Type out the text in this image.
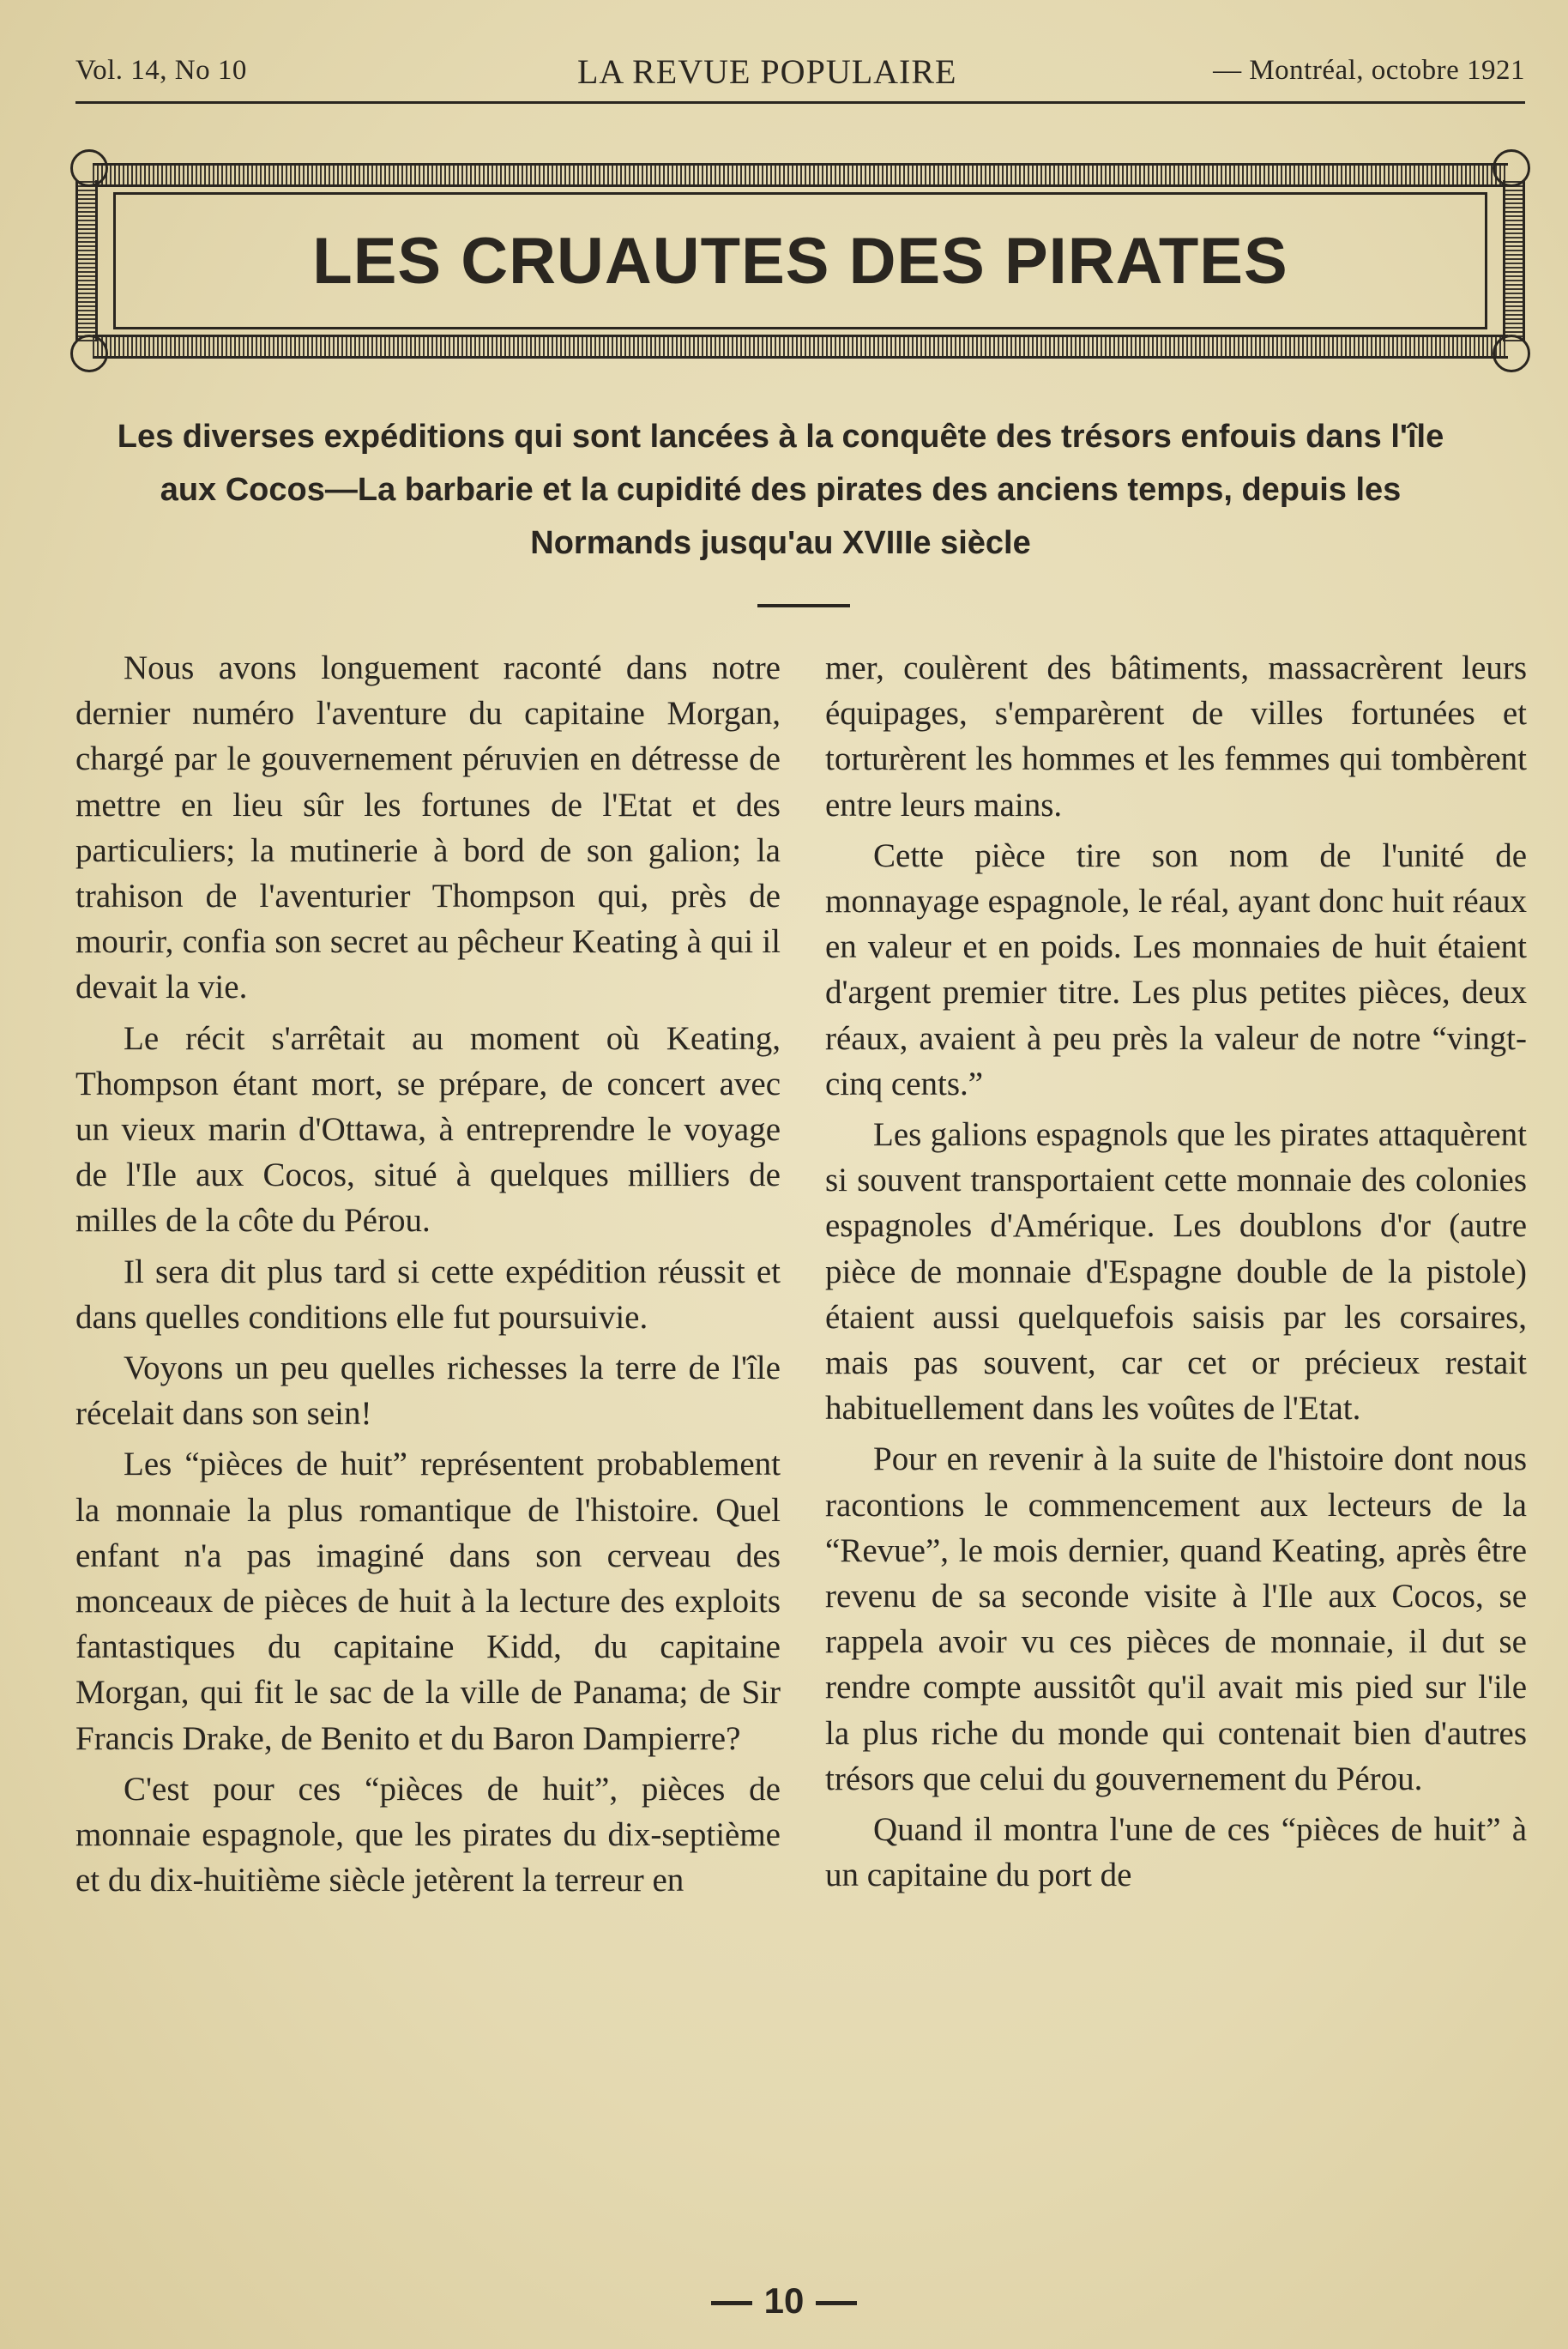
Vol. 14, No 10	LA REVUE POPULAIRE	— Montréal, octobre 1921
LES CRUAUTES DES PIRATES
Les diverses expéditions qui sont lancées à la conquête des trésors enfouis dans l'île aux Cocos—La barbarie et la cupidité des pirates des anciens temps, depuis les Normands jusqu'au XVIIIe siècle

Nous avons longuement raconté dans notre dernier numéro l'aventure du capitaine Morgan, chargé par le gouvernement péruvien en détresse de mettre en lieu sûr les fortunes de l'Etat et des particuliers; la mutinerie à bord de son galion; la trahison de l'aventurier Thompson qui, près de mourir, confia son secret au pêcheur Keating à qui il devait la vie.

Le récit s'arrêtait au moment où Keating, Thompson étant mort, se prépare, de concert avec un vieux marin d'Ottawa, à entreprendre le voyage de l'Ile aux Cocos, situé à quelques milliers de milles de la côte du Pérou.

Il sera dit plus tard si cette expédition réussit et dans quelles conditions elle fut poursuivie.

Voyons un peu quelles richesses la terre de l'île récelait dans son sein!

Les “pièces de huit” représentent probablement la monnaie la plus romantique de l'histoire. Quel enfant n'a pas imaginé dans son cerveau des monceaux de pièces de huit à la lecture des exploits fantastiques du capitaine Kidd, du capitaine Morgan, qui fit le sac de la ville de Panama; de Sir Francis Drake, de Benito et du Baron Dampierre?

C'est pour ces “pièces de huit”, pièces de monnaie espagnole, que les pirates du dix-septième et du dix-huitième siècle jetèrent la terreur en

mer, coulèrent des bâtiments, massacrèrent leurs équipages, s'emparèrent de villes fortunées et torturèrent les hommes et les femmes qui tombèrent entre leurs mains.

Cette pièce tire son nom de l'unité de monnayage espagnole, le réal, ayant donc huit réaux en valeur et en poids. Les monnaies de huit étaient d'argent premier titre. Les plus petites pièces, deux réaux, avaient à peu près la valeur de notre “vingt-cinq cents.”

Les galions espagnols que les pirates attaquèrent si souvent transportaient cette monnaie des colonies espagnoles d'Amérique. Les doublons d'or (autre pièce de monnaie d'Espagne double de la pistole) étaient aussi quelquefois saisis par les corsaires, mais pas souvent, car cet or précieux restait habituellement dans les voûtes de l'Etat.

Pour en revenir à la suite de l'histoire dont nous racontions le commencement aux lecteurs de la “Revue”, le mois dernier, quand Keating, après être revenu de sa seconde visite à l'Ile aux Cocos, se rappela avoir vu ces pièces de monnaie, il dut se rendre compte aussitôt qu'il avait mis pied sur l'ile la plus riche du monde qui contenait bien d'autres trésors que celui du gouvernement du Pérou.

Quand il montra l'une de ces “pièces de huit” à un capitaine du port de

10
